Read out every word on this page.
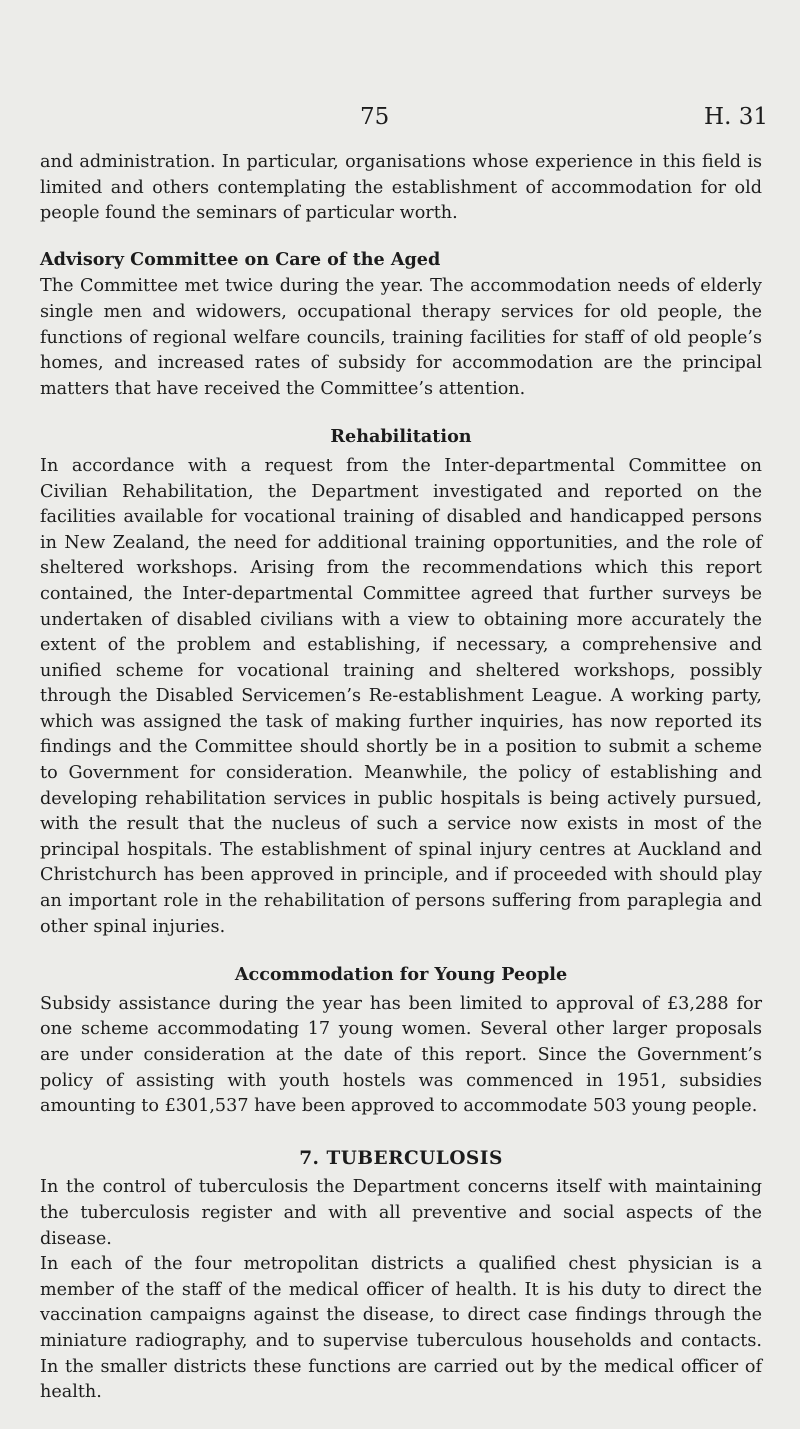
75	H. 31

and administration. In particular, organisations whose experience in this field is limited and others contemplating the establishment of accommodation for old people found the seminars of particular worth.

Advisory Committee on Care of the Aged

The Committee met twice during the year. The accommodation needs of elderly single men and widowers, occupational therapy services for old people, the functions of regional welfare councils, training facilities for staff of old people’s homes, and increased rates of subsidy for accommodation are the principal matters that have received the Committee’s attention.

Rehabilitation

In accordance with a request from the Inter-departmental Committee on Civilian Rehabilitation, the Department investigated and reported on the facilities available for vocational training of disabled and handicapped persons in New Zealand, the need for additional training opportunities, and the role of sheltered workshops. Arising from the recommendations which this report contained, the Inter-departmental Committee agreed that further surveys be undertaken of disabled civilians with a view to obtaining more accurately the extent of the problem and establishing, if necessary, a comprehensive and unified scheme for vocational training and sheltered workshops, possibly through the Disabled Servicemen’s Re-establishment League. A working party, which was assigned the task of making further inquiries, has now reported its findings and the Committee should shortly be in a position to submit a scheme to Government for consideration. Meanwhile, the policy of establishing and developing rehabilitation services in public hospitals is being actively pursued, with the result that the nucleus of such a service now exists in most of the principal hospitals. The establishment of spinal injury centres at Auckland and Christchurch has been approved in principle, and if proceeded with should play an important role in the rehabilitation of persons suffering from paraplegia and other spinal injuries.

Accommodation for Young People

Subsidy assistance during the year has been limited to approval of £3,288 for one scheme accommodating 17 young women. Several other larger proposals are under consideration at the date of this report. Since the Government’s policy of assisting with youth hostels was commenced in 1951, subsidies amounting to £301,537 have been approved to accommodate 503 young people.

7. TUBERCULOSIS

In the control of tuberculosis the Department concerns itself with maintaining the tuberculosis register and with all preventive and social aspects of the disease.

In each of the four metropolitan districts a qualified chest physician is a member of the staff of the medical officer of health. It is his duty to direct the vaccination campaigns against the disease, to direct case findings through the miniature radiography, and to supervise tuberculous households and contacts. In the smaller districts these functions are carried out by the medical officer of health.
